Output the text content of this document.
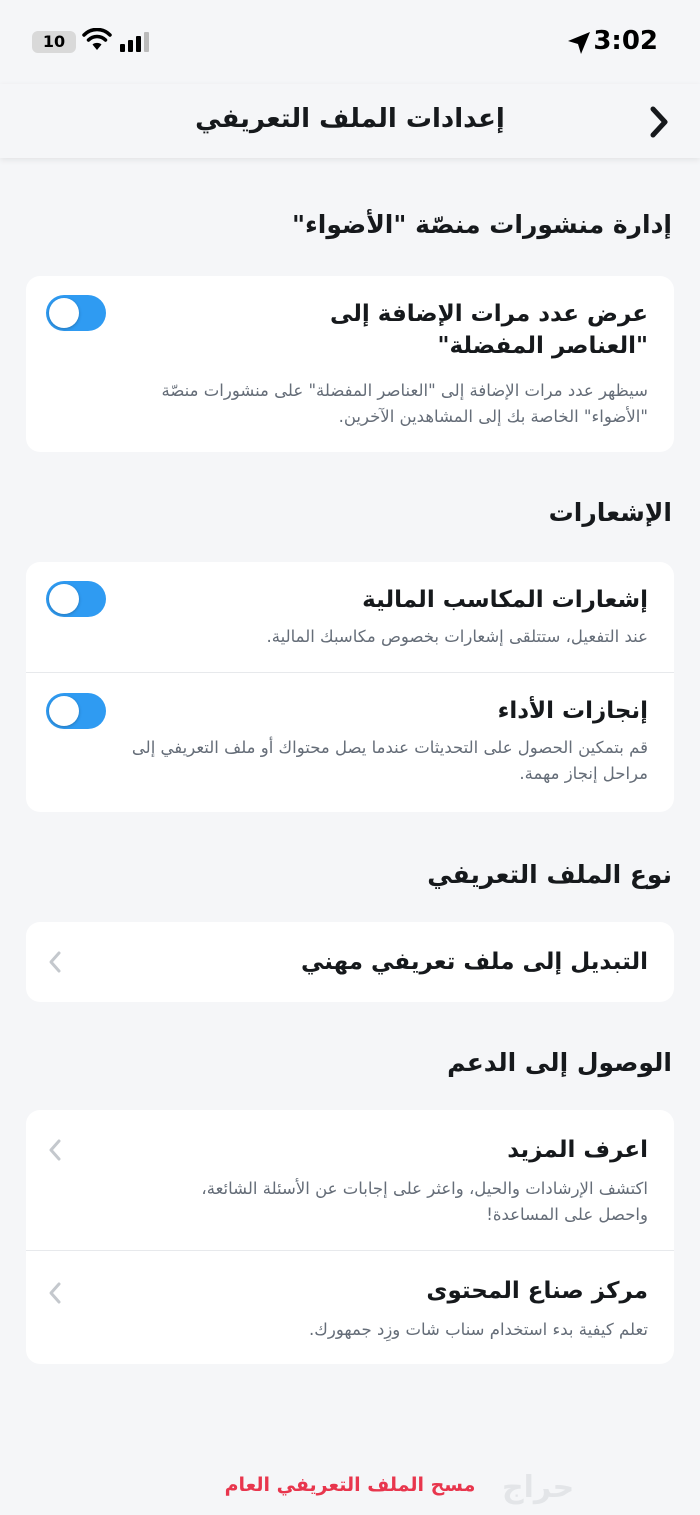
10	3:02
إعدادات الملف التعريفي
إدارة منشورات منصّة "الأضواء"
عرض عدد مرات الإضافة إلى "العناصر المفضلة"
سيظهر عدد مرات الإضافة إلى "العناصر المفضلة" على منشورات منصّة "الأضواء" الخاصة بك إلى المشاهدين الآخرين.
الإشعارات
إشعارات المكاسب المالية
عند التفعيل، ستتلقى إشعارات بخصوص مكاسبك المالية.
إنجازات الأداء
قم بتمكين الحصول على التحديثات عندما يصل محتواك أو ملف التعريفي إلى مراحل إنجاز مهمة.
نوع الملف التعريفي
التبديل إلى ملف تعريفي مهني
الوصول إلى الدعم
اعرف المزيد
اكتشف الإرشادات والحيل، واعثر على إجابات عن الأسئلة الشائعة، واحصل على المساعدة!
مركز صناع المحتوى
تعلم كيفية بدء استخدام سناب شات وزِد جمهورك.
حراج
مسح الملف التعريفي العام
